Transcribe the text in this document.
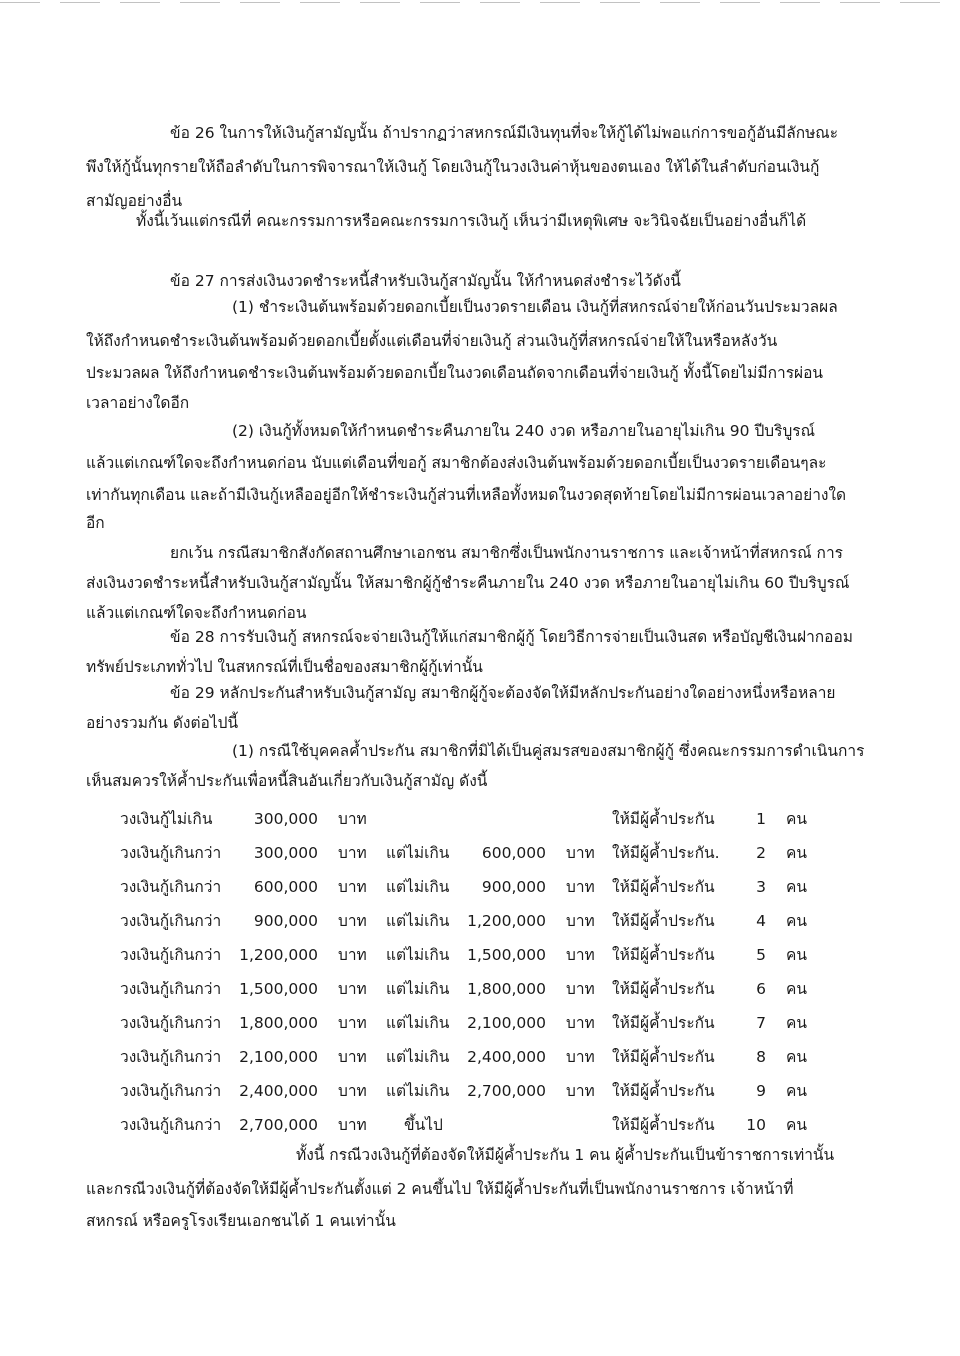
ข้อ 26 ในการให้เงินกู้สามัญนั้น ถ้าปรากฏว่าสหกรณ์มีเงินทุนที่จะให้กู้ได้ไม่พอแก่การขอกู้อันมีลักษณะ
พึงให้กู้นั้นทุกรายให้ถือลำดับในการพิจารณาให้เงินกู้ โดยเงินกู้ในวงเงินค่าหุ้นของตนเอง ให้ได้ในลำดับก่อนเงินกู้
สามัญอย่างอื่น
ทั้งนี้เว้นแต่กรณีที่ คณะกรรมการหรือคณะกรรมการเงินกู้ เห็นว่ามีเหตุพิเศษ จะวินิจฉัยเป็นอย่างอื่นก็ได้
ข้อ 27 การส่งเงินงวดชำระหนี้สำหรับเงินกู้สามัญนั้น ให้กำหนดส่งชำระไว้ดังนี้
(1) ชำระเงินต้นพร้อมด้วยดอกเบี้ยเป็นงวดรายเดือน เงินกู้ที่สหกรณ์จ่ายให้ก่อนวันประมวลผล
ให้ถึงกำหนดชำระเงินต้นพร้อมด้วยดอกเบี้ยตั้งแต่เดือนที่จ่ายเงินกู้ ส่วนเงินกู้ที่สหกรณ์จ่ายให้ในหรือหลังวัน
ประมวลผล ให้ถึงกำหนดชำระเงินต้นพร้อมด้วยดอกเบี้ยในงวดเดือนถัดจากเดือนที่จ่ายเงินกู้ ทั้งนี้โดยไม่มีการผ่อน
เวลาอย่างใดอีก
(2) เงินกู้ทั้งหมดให้กำหนดชำระคืนภายใน 240 งวด หรือภายในอายุไม่เกิน 90 ปีบริบูรณ์
แล้วแต่เกณฑ์ใดจะถึงกำหนดก่อน นับแต่เดือนที่ขอกู้ สมาชิกต้องส่งเงินต้นพร้อมด้วยดอกเบี้ยเป็นงวดรายเดือนๆละ
เท่ากันทุกเดือน และถ้ามีเงินกู้เหลืออยู่อีกให้ชำระเงินกู้ส่วนที่เหลือทั้งหมดในงวดสุดท้ายโดยไม่มีการผ่อนเวลาอย่างใด
อีก
ยกเว้น กรณีสมาชิกสังกัดสถานศึกษาเอกชน สมาชิกซึ่งเป็นพนักงานราชการ และเจ้าหน้าที่สหกรณ์ การ
ส่งเงินงวดชำระหนี้สำหรับเงินกู้สามัญนั้น ให้สมาชิกผู้กู้ชำระคืนภายใน 240 งวด หรือภายในอายุไม่เกิน 60 ปีบริบูรณ์
แล้วแต่เกณฑ์ใดจะถึงกำหนดก่อน
ข้อ 28 การรับเงินกู้ สหกรณ์จะจ่ายเงินกู้ให้แก่สมาชิกผู้กู้ โดยวิธีการจ่ายเป็นเงินสด หรือบัญชีเงินฝากออม
ทรัพย์ประเภททั่วไป ในสหกรณ์ที่เป็นชื่อของสมาชิกผู้กู้เท่านั้น
ข้อ 29 หลักประกันสำหรับเงินกู้สามัญ สมาชิกผู้กู้จะต้องจัดให้มีหลักประกันอย่างใดอย่างหนึ่งหรือหลาย
อย่างรวมกัน ดังต่อไปนี้
(1) กรณีใช้บุคคลค้ำประกัน สมาชิกที่มิได้เป็นคู่สมรสของสมาชิกผู้กู้ ซึ่งคณะกรรมการดำเนินการ
เห็นสมควรให้ค้ำประกันเพื่อหนี้สินอันเกี่ยวกับเงินกู้สามัญ ดังนี้
วงเงินกู้ไม่เกิน	300,000 บาท	ให้มีผู้ค้ำประกัน	1 คน
วงเงินกู้เกินกว่า	300,000 บาท แต่ไม่เกิน	600,000 บาท ให้มีผู้ค้ำประกัน.	2 คน
วงเงินกู้เกินกว่า	600,000 บาท แต่ไม่เกิน	900,000 บาท ให้มีผู้ค้ำประกัน	3 คน
วงเงินกู้เกินกว่า	900,000 บาท แต่ไม่เกิน	1,200,000 บาท ให้มีผู้ค้ำประกัน	4 คน
วงเงินกู้เกินกว่า	1,200,000 บาท แต่ไม่เกิน	1,500,000 บาท ให้มีผู้ค้ำประกัน	5 คน
วงเงินกู้เกินกว่า	1,500,000 บาท แต่ไม่เกิน	1,800,000 บาท ให้มีผู้ค้ำประกัน	6 คน
วงเงินกู้เกินกว่า	1,800,000 บาท แต่ไม่เกิน	2,100,000 บาท ให้มีผู้ค้ำประกัน	7 คน
วงเงินกู้เกินกว่า	2,100,000 บาท แต่ไม่เกิน	2,400,000 บาท ให้มีผู้ค้ำประกัน	8 คน
วงเงินกู้เกินกว่า	2,400,000 บาท แต่ไม่เกิน	2,700,000 บาท ให้มีผู้ค้ำประกัน	9 คน
วงเงินกู้เกินกว่า	2,700,000 บาท ขึ้นไป	ให้มีผู้ค้ำประกัน	10 คน
ทั้งนี้ กรณีวงเงินกู้ที่ต้องจัดให้มีผู้ค้ำประกัน 1 คน ผู้ค้ำประกันเป็นข้าราชการเท่านั้น
และกรณีวงเงินกู้ที่ต้องจัดให้มีผู้ค้ำประกันตั้งแต่ 2 คนขึ้นไป ให้มีผู้ค้ำประกันที่เป็นพนักงานราชการ เจ้าหน้าที่
สหกรณ์ หรือครูโรงเรียนเอกชนได้ 1 คนเท่านั้น
